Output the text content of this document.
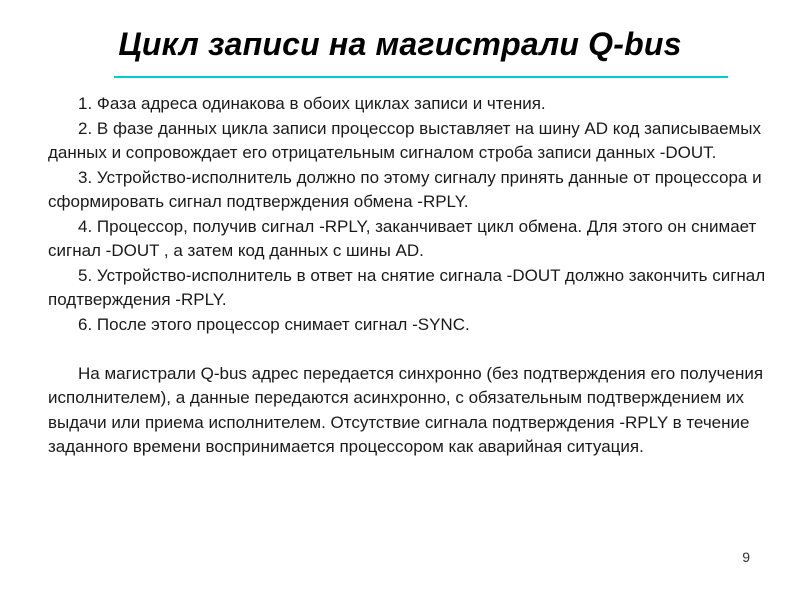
Цикл записи на магистрали Q-bus

1. Фаза адреса одинакова в обоих циклах записи и чтения.

2. В фазе данных цикла записи процессор выставляет на шину AD код записываемых данных и сопровождает его отрицательным сигналом строба записи данных -DOUT.

3. Устройство-исполнитель должно по этому сигналу принять данные от процессора и сформировать сигнал подтверждения обмена -RPLY.

4. Процессор, получив сигнал -RPLY, заканчивает цикл обмена. Для этого он снимает сигнал -DOUT , а затем код данных с шины AD.

5. Устройство-исполнитель в ответ на снятие сигнала -DOUT должно закончить сигнал подтверждения -RPLY.

6. После этого процессор снимает сигнал -SYNC.

На магистрали Q-bus адрес передается синхронно (без подтверждения его получения исполнителем), а данные передаются асинхронно, с обязательным подтверждением их выдачи или приема исполнителем. Отсутствие сигнала подтверждения -RPLY в течение заданного времени воспринимается процессором как аварийная ситуация.

9
